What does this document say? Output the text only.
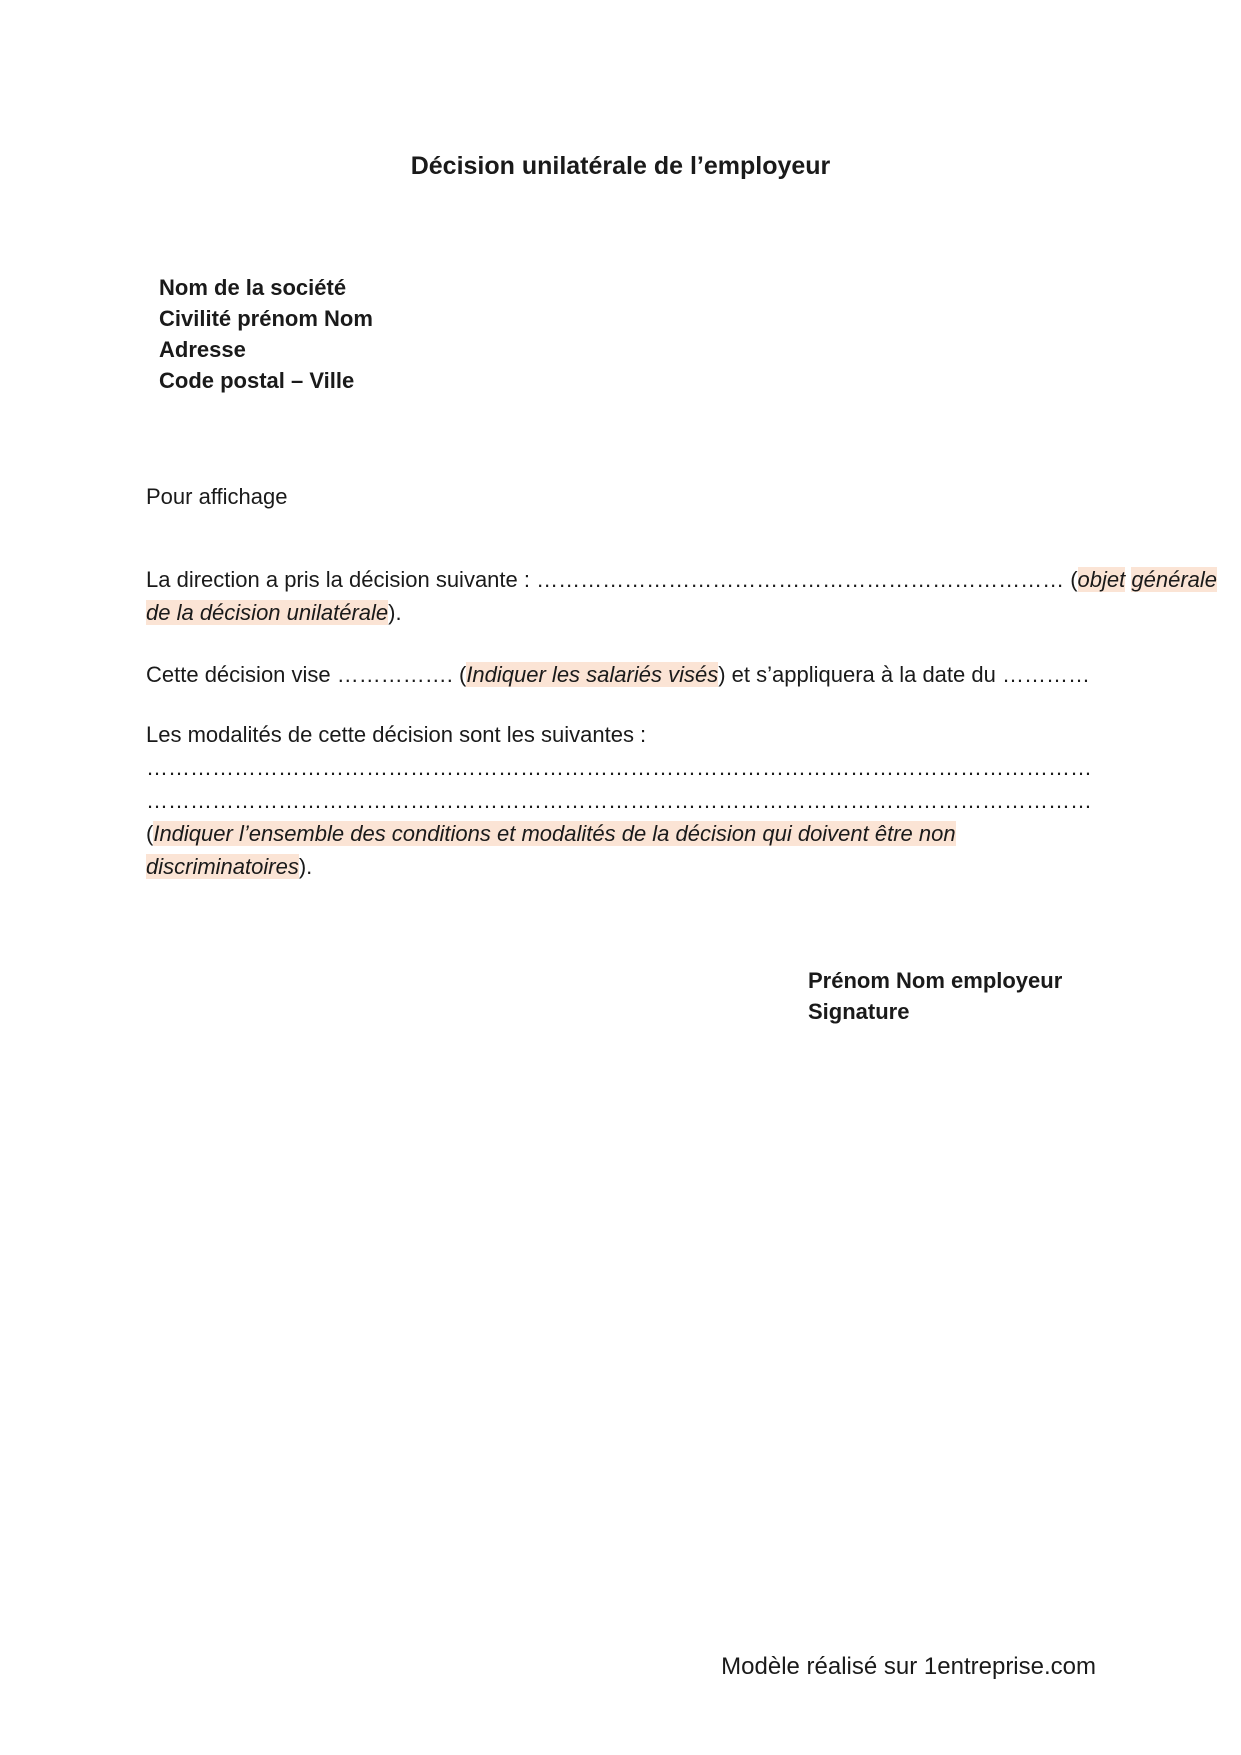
Décision unilatérale de l’employeur
Nom de la société
Civilité prénom Nom
Adresse
Code postal – Ville
Pour affichage
La direction a pris la décision suivante : ……………………………………………………………… (objet générale
de la décision unilatérale).
Cette décision vise ……………. (Indiquer les salariés visés) et s’appliquera à la date du …………
Les modalités de cette décision sont les suivantes :
…………………………………………………………………………………………………………………
…………………………………………………………………………………………………………………
(Indiquer l’ensemble des conditions et modalités de la décision qui doivent être non
discriminatoires).
Prénom Nom employeur
Signature
Modèle réalisé sur 1entreprise.com
